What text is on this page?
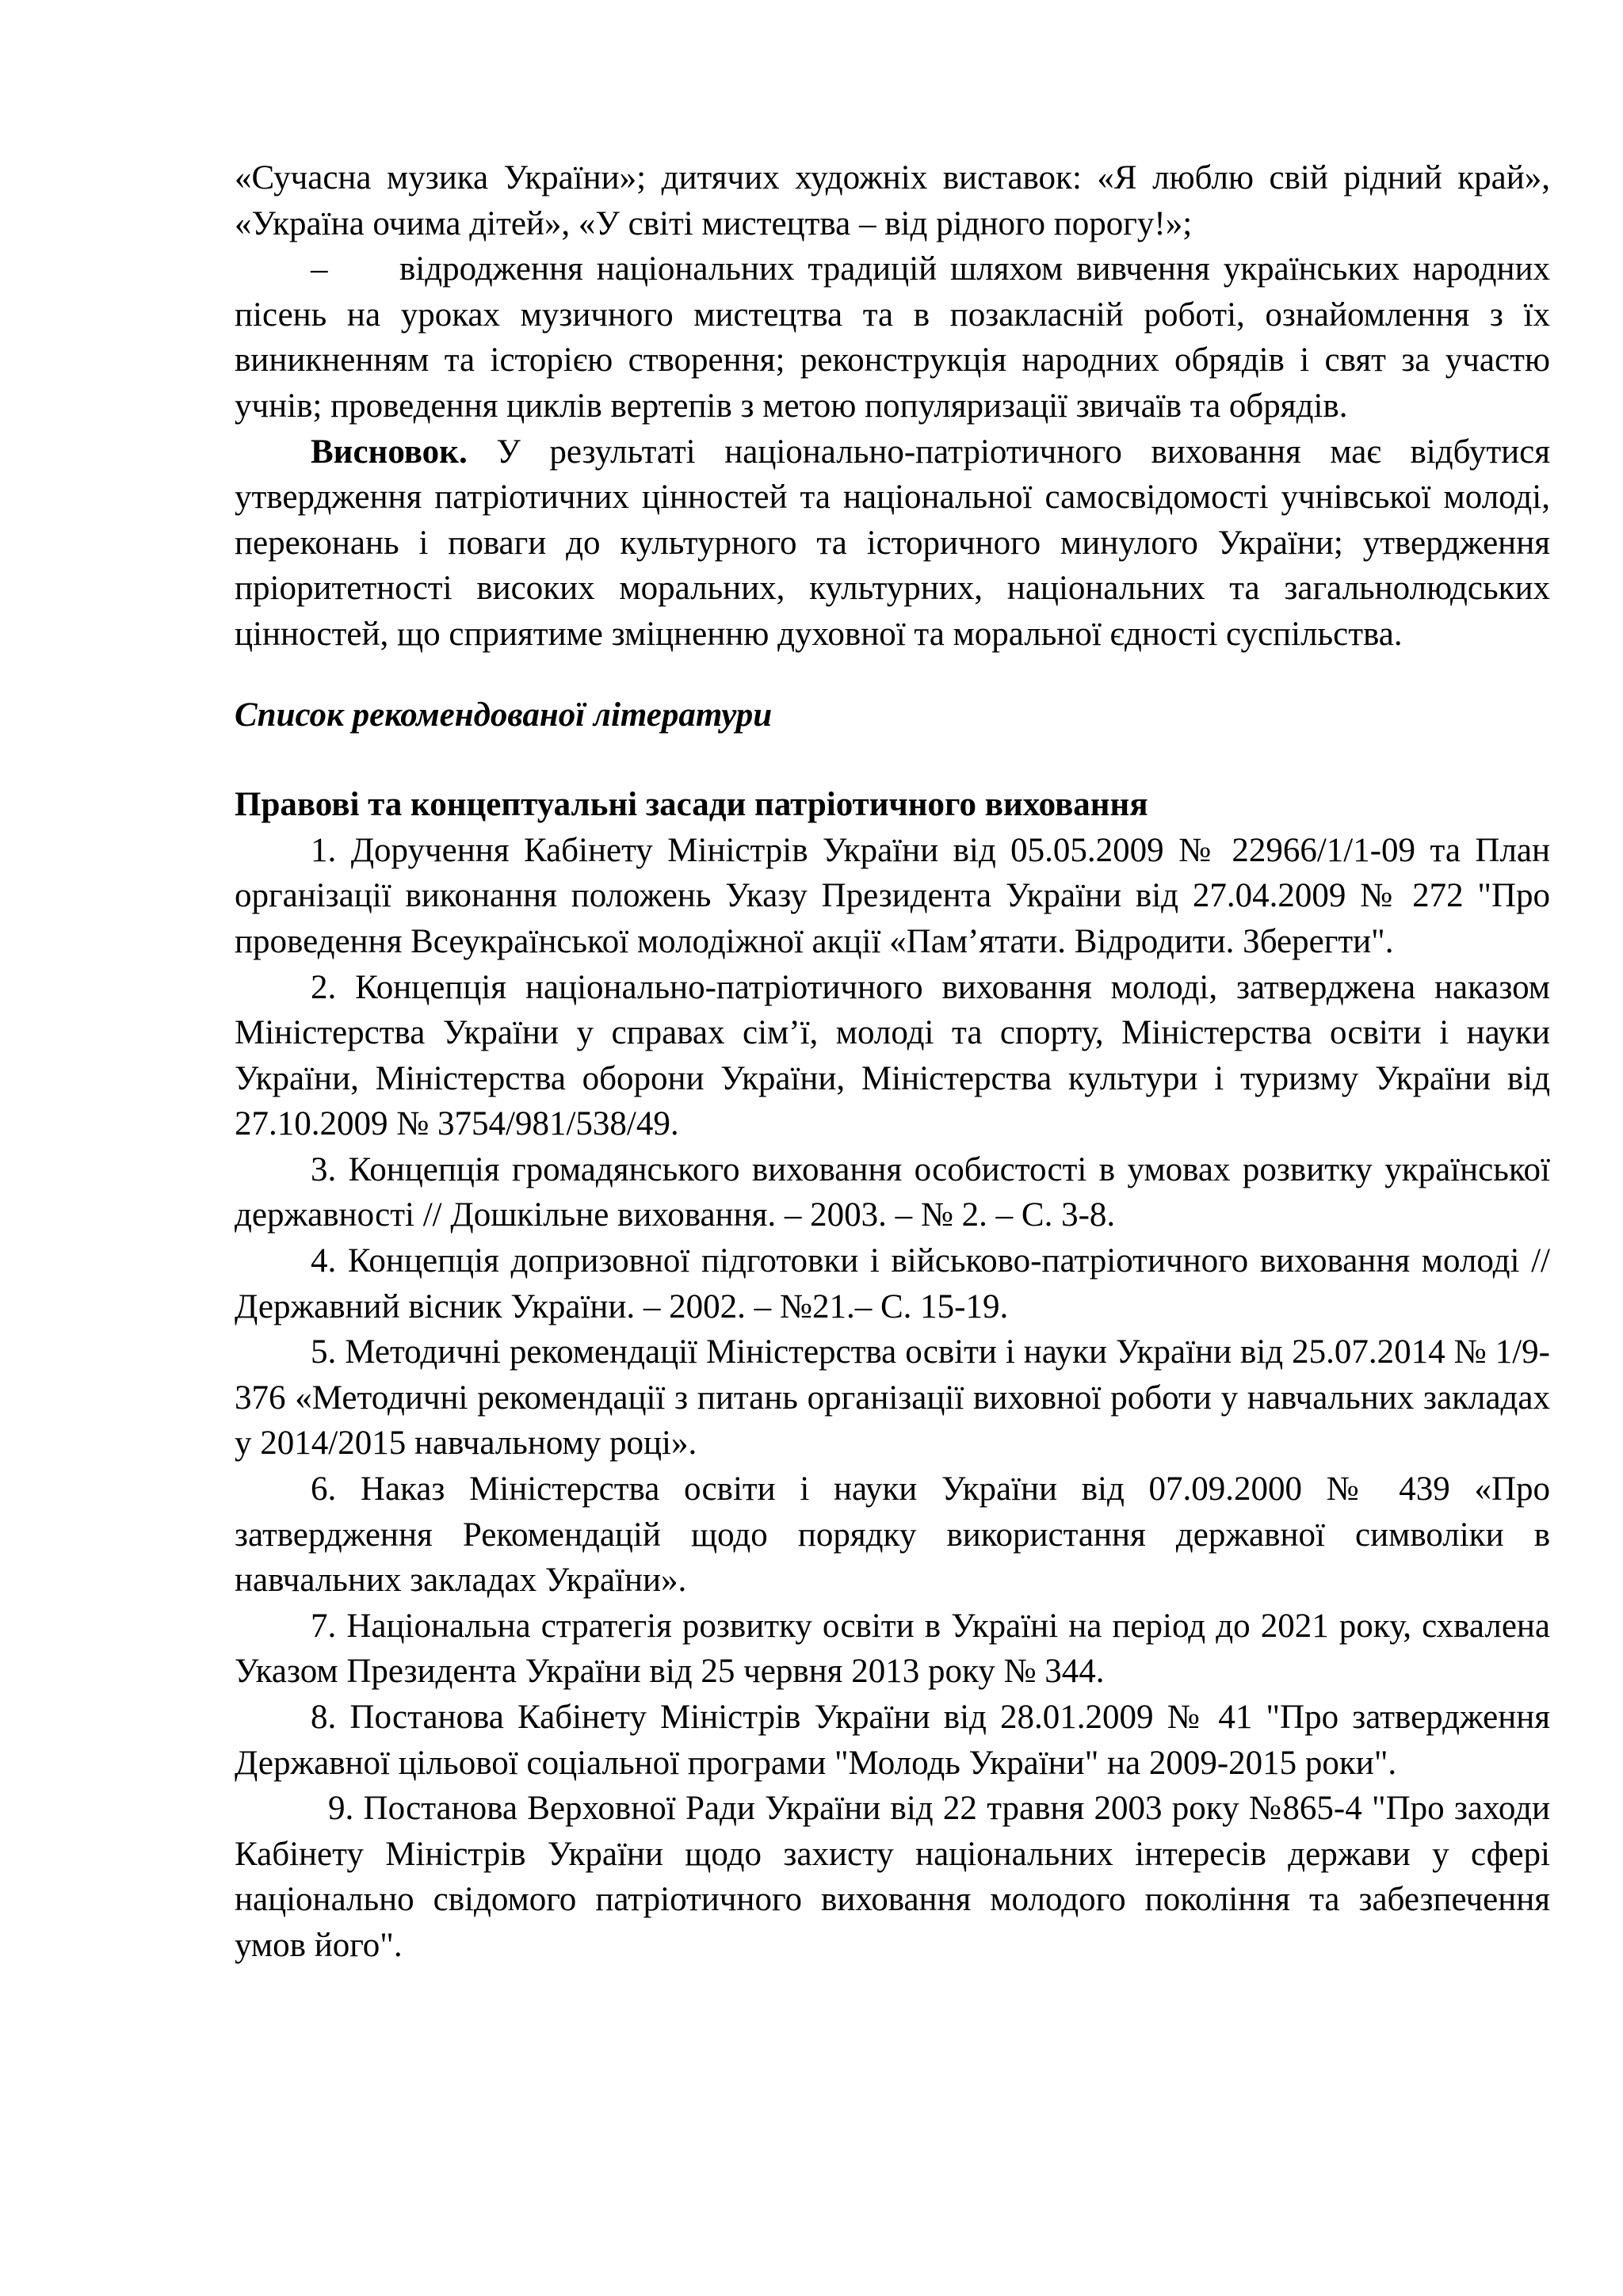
«Сучасна музика України»; дитячих художніх виставок: «Я люблю свій рідний край», «Україна очима дітей», «У світі мистецтва – від рідного порогу!»;

– відродження національних традицій шляхом вивчення українських народних пісень на уроках музичного мистецтва та в позакласній роботі, ознайомлення з їх виникненням та історією створення; реконструкція народних обрядів і свят за участю учнів; проведення циклів вертепів з метою популяризації звичаїв та обрядів.

Висновок. У результаті національно-патріотичного виховання має відбутися утвердження патріотичних цінностей та національної самосвідомості учнівської молоді, переконань і поваги до культурного та історичного минулого України; утвердження пріоритетності високих моральних, культурних, національних та загальнолюдських цінностей, що сприятиме зміцненню духовної та моральної єдності суспільства.

Список рекомендованої літератури

Правові та концептуальні засади патріотичного виховання

1. Доручення Кабінету Міністрів України від 05.05.2009 № 22966/1/1-09 та План організації виконання положень Указу Президента України від 27.04.2009 № 272 "Про проведення Всеукраїнської молодіжної акції «Пам’ятати. Відродити. Зберегти".

2. Концепція національно-патріотичного виховання молоді, затверджена наказом Міністерства України у справах сім’ї, молоді та спорту, Міністерства освіти і науки України, Міністерства оборони України, Міністерства культури і туризму України від 27.10.2009 № 3754/981/538/49.

3. Концепція громадянського виховання особистості в умовах розвитку української державності // Дошкільне виховання. – 2003. – № 2. – С. 3-8.

4. Концепція допризовної підготовки і військово-патріотичного виховання молоді // Державний вісник України. – 2002. – №21.– С. 15-19.

5. Методичні рекомендації Міністерства освіти і науки України від 25.07.2014 № 1/9-376 «Методичні рекомендації з питань організації виховної роботи у навчальних закладах у 2014/2015 навчальному році».

6. Наказ Міністерства освіти і науки України від 07.09.2000 № 439 «Про затвердження Рекомендацій щодо порядку використання державної символіки в навчальних закладах України».

7. Національна стратегія розвитку освіти в Україні на період до 2021 року, схвалена Указом Президента України від 25 червня 2013 року № 344.

8. Постанова Кабінету Міністрів України від 28.01.2009 № 41 "Про затвердження Державної цільової соціальної програми "Молодь України" на 2009-2015 роки".

9. Постанова Верховної Ради України від 22 травня 2003 року №865-4 "Про заходи Кабінету Міністрів України щодо захисту національних інтересів держави у сфері національно свідомого патріотичного виховання молодого покоління та забезпечення умов його".
